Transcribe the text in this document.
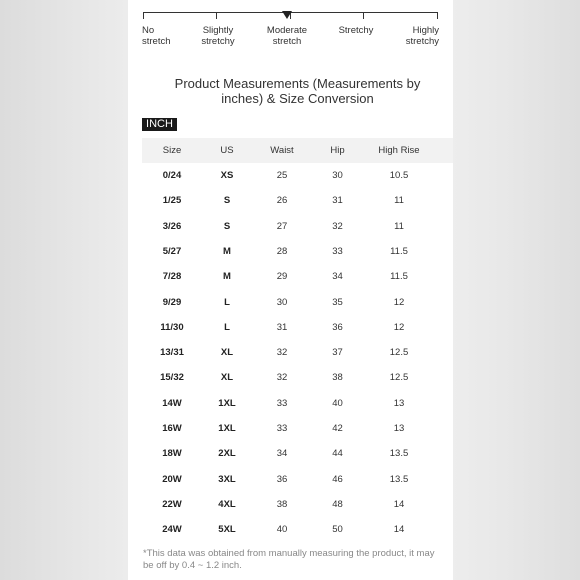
No
stretch
Slightly
stretchy
Moderate
stretch
Stretchy	Highly
stretchy
Product Measurements (Measurements by inches) & Size Conversion
INCH
Size	US	Waist	Hip	High Rise
0/24	XS	25	30	10.5
1/25	S	26	31	11
3/26	S	27	32	11
5/27	M	28	33	11.5
7/28	M	29	34	11.5
9/29	L	30	35	12
11/30	L	31	36	12
13/31	XL	32	37	12.5
15/32	XL	32	38	12.5
14W	1XL	33	40	13
16W	1XL	33	42	13
18W	2XL	34	44	13.5
20W	3XL	36	46	13.5
22W	4XL	38	48	14
24W	5XL	40	50	14
*This data was obtained from manually measuring the product, it may be off by 0.4 ~ 1.2 inch.
